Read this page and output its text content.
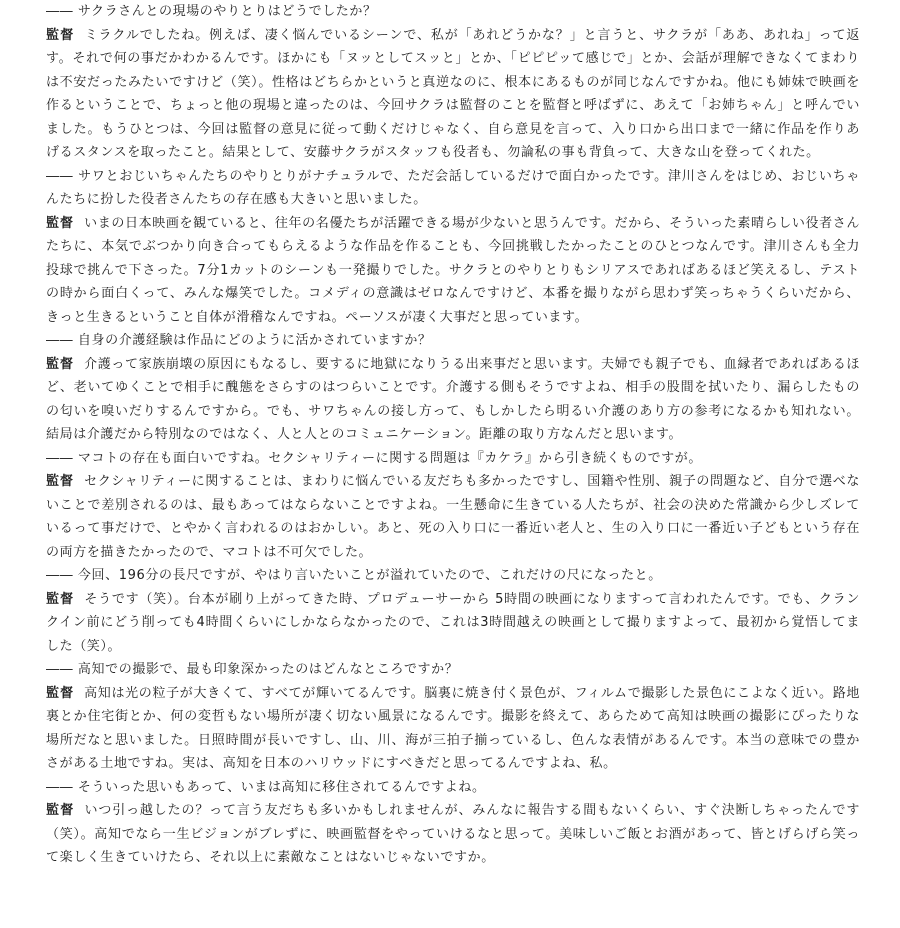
―― サクラさんとの現場のやりとりはどうでしたか？

監督 ミラクルでしたね。例えば、凄く悩んでいるシーンで、私が「あれどうかな？」と言うと、サクラが「ああ、あれね」って返す。それで何の事だかわかるんです。ほかにも「ヌッとしてスッと」とか、「ピピピッて感じで」とか、会話が理解できなくてまわりは不安だったみたいですけど（笑）。性格はどちらかというと真逆なのに、根本にあるものが同じなんですかね。他にも姉妹で映画を作るということで、ちょっと他の現場と違ったのは、今回サクラは監督のことを監督と呼ばずに、あえて「お姉ちゃん」と呼んでいました。もうひとつは、今回は監督の意見に従って動くだけじゃなく、自ら意見を言って、入り口から出口まで一緒に作品を作りあげるスタンスを取ったこと。結果として、安藤サクラがスタッフも役者も、勿論私の事も背負って、大きな山を登ってくれた。

―― サワとおじいちゃんたちのやりとりがナチュラルで、ただ会話しているだけで面白かったです。津川さんをはじめ、おじいちゃんたちに扮した役者さんたちの存在感も大きいと思いました。

監督 いまの日本映画を観ていると、往年の名優たちが活躍できる場が少ないと思うんです。だから、そういった素晴らしい役者さんたちに、本気でぶつかり向き合ってもらえるような作品を作ることも、今回挑戦したかったことのひとつなんです。津川さんも全力投球で挑んで下さった。7分1カットのシーンも一発撮りでした。サクラとのやりとりもシリアスであればあるほど笑えるし、テストの時から面白くって、みんな爆笑でした。コメディの意識はゼロなんですけど、本番を撮りながら思わず笑っちゃうくらいだから、きっと生きるということ自体が滑稽なんですね。ペーソスが凄く大事だと思っています。

―― 自身の介護経験は作品にどのように活かされていますか？

監督 介護って家族崩壊の原因にもなるし、要するに地獄になりうる出来事だと思います。夫婦でも親子でも、血縁者であればあるほど、老いてゆくことで相手に醜態をさらすのはつらいことです。介護する側もそうですよね、相手の股間を拭いたり、漏らしたものの匂いを嗅いだりするんですから。でも、サワちゃんの接し方って、もしかしたら明るい介護のあり方の参考になるかも知れない。結局は介護だから特別なのではなく、人と人とのコミュニケーション。距離の取り方なんだと思います。

―― マコトの存在も面白いですね。セクシャリティーに関する問題は『カケラ』から引き続くものですが。

監督 セクシャリティーに関することは、まわりに悩んでいる友だちも多かったですし、国籍や性別、親子の問題など、自分で選べないことで差別されるのは、最もあってはならないことですよね。一生懸命に生きている人たちが、社会の決めた常識から少しズレているって事だけで、とやかく言われるのはおかしい。あと、死の入り口に一番近い老人と、生の入り口に一番近い子どもという存在の両方を描きたかったので、マコトは不可欠でした。

―― 今回、196分の長尺ですが、やはり言いたいことが溢れていたので、これだけの尺になったと。

監督 そうです（笑）。台本が刷り上がってきた時、プロデューサーから 5時間の映画になりますって言われたんです。でも、クランクイン前にどう削っても4時間くらいにしかならなかったので、これは3時間越えの映画として撮りますよって、最初から覚悟してました（笑）。

―― 高知での撮影で、最も印象深かったのはどんなところですか？

監督 高知は光の粒子が大きくて、すべてが輝いてるんです。脳裏に焼き付く景色が、フィルムで撮影した景色にこよなく近い。路地裏とか住宅街とか、何の変哲もない場所が凄く切ない風景になるんです。撮影を終えて、あらためて高知は映画の撮影にぴったりな場所だなと思いました。日照時間が長いですし、山、川、海が三拍子揃っているし、色んな表情があるんです。本当の意味での豊かさがある土地ですね。実は、高知を日本のハリウッドにすべきだと思ってるんですよね、私。

―― そういった思いもあって、いまは高知に移住されてるんですよね。

監督 いつ引っ越したの？って言う友だちも多いかもしれませんが、みんなに報告する間もないくらい、すぐ決断しちゃったんです（笑）。高知でなら一生ビジョンがブレずに、映画監督をやっていけるなと思って。美味しいご飯とお酒があって、皆とげらげら笑って楽しく生きていけたら、それ以上に素敵なことはないじゃないですか。
